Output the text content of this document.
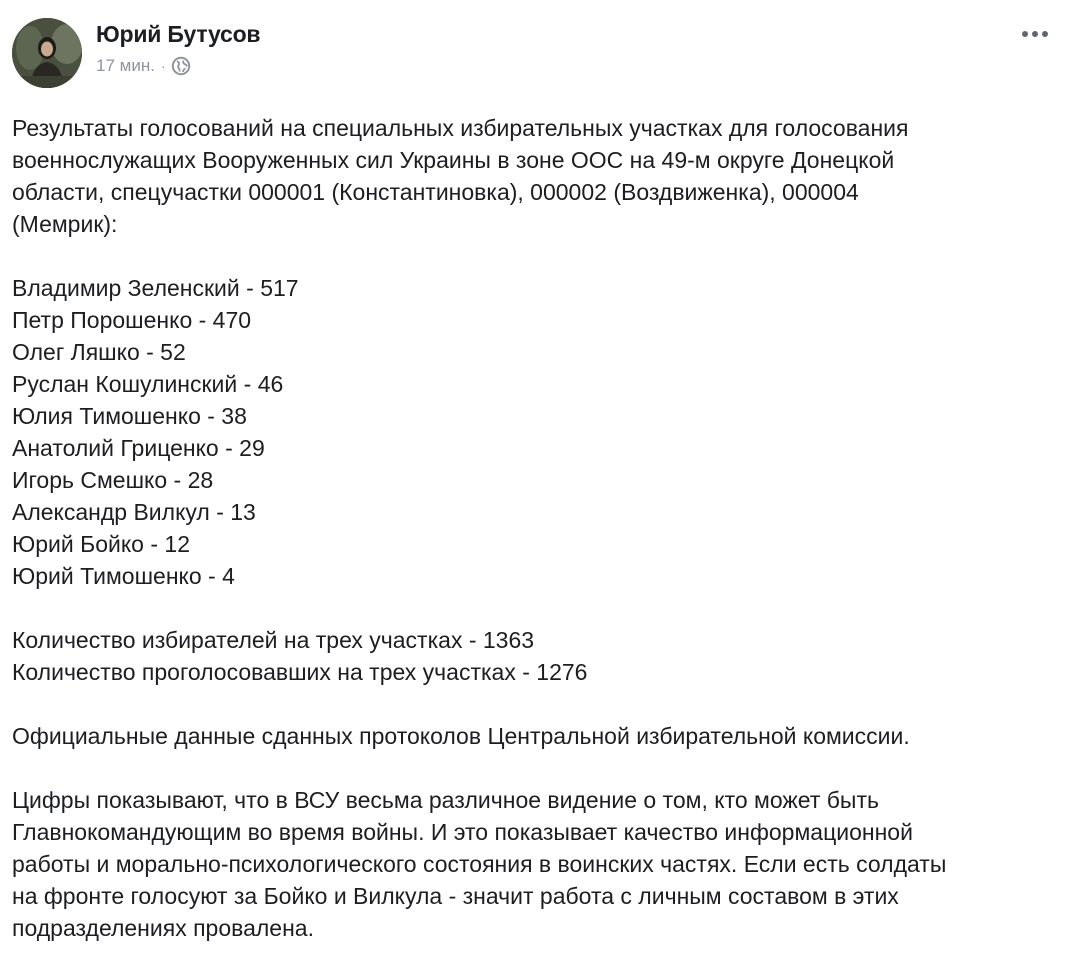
Юрий Бутусов
17 мин. ·

Результаты голосований на специальных избирательных участках для голосования
военнослужащих Вооруженных сил Украины в зоне ООС на 49-м округе Донецкой
области, спецучастки 000001 (Константиновка), 000002 (Воздвиженка), 000004
(Мемрик):

Владимир Зеленский - 517
Петр Порошенко - 470
Олег Ляшко - 52
Руслан Кошулинский - 46
Юлия Тимошенко - 38
Анатолий Гриценко - 29
Игорь Смешко - 28
Александр Вилкул - 13
Юрий Бойко - 12
Юрий Тимошенко - 4

Количество избирателей на трех участках - 1363
Количество проголосовавших на трех участках - 1276

Официальные данные сданных протоколов Центральной избирательной комиссии.

Цифры показывают, что в ВСУ весьма различное видение о том, кто может быть
Главнокомандующим во время войны. И это показывает качество информационной
работы и морально-психологического состояния в воинских частях. Если есть солдаты
на фронте голосуют за Бойко и Вилкула - значит работа с личным составом в этих
подразделениях провалена.
